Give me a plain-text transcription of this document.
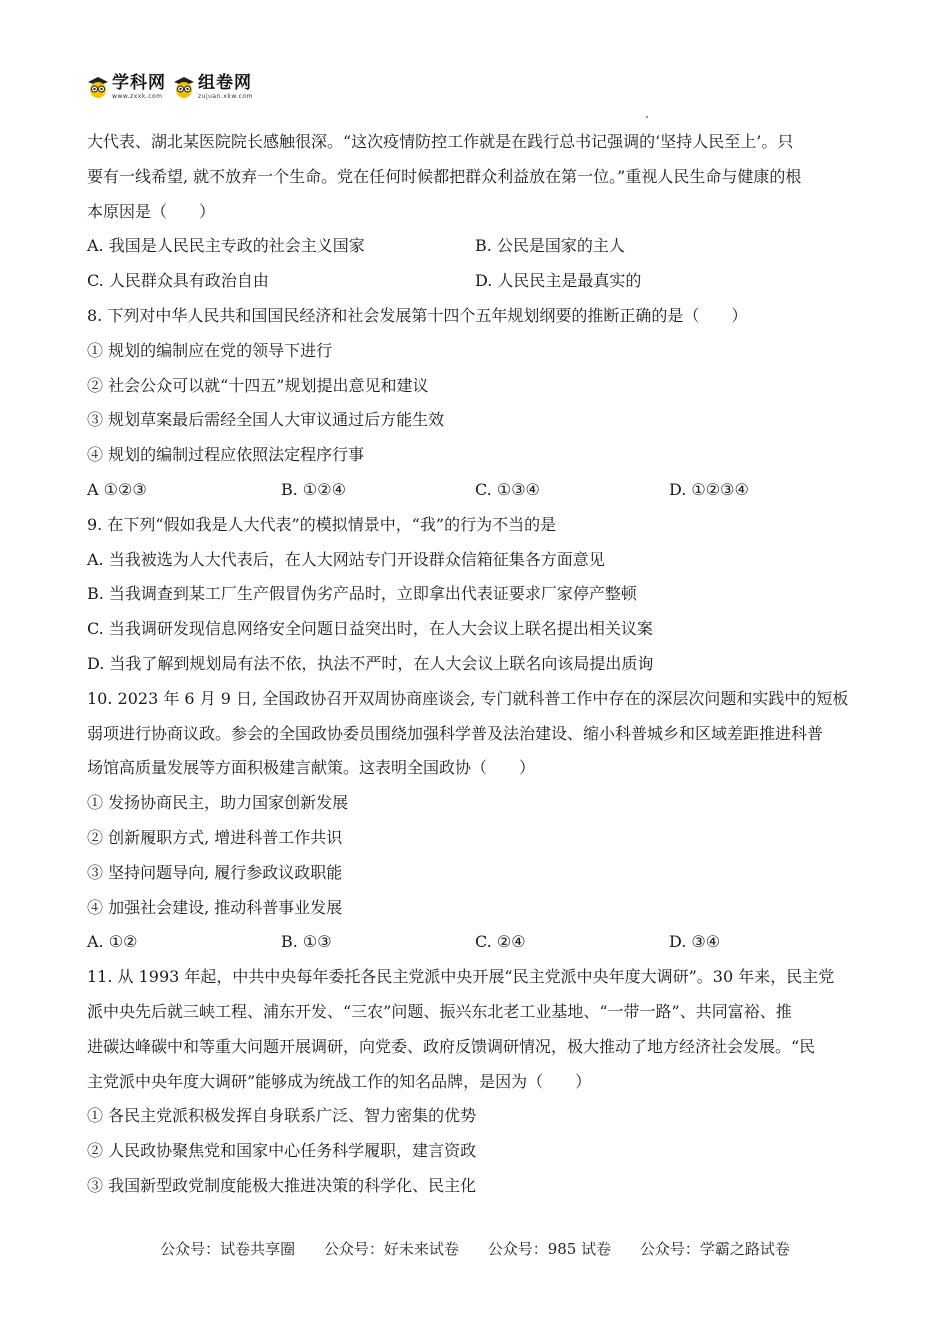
学科网
www.zxxk.com
组卷网
zujuan.xkw.com
大代表、湖北某医院院长感触很深。“这次疫情防控工作就是在践行总书记强调的‘坚持人民至上’。只
要有一线希望, 就不放弃一个生命。党在任何时候都把群众利益放在第一位。”重视人民生命与健康的根
本原因是（　　）
A. 我国是人民民主专政的社会主义国家	B. 公民是国家的主人
C. 人民群众具有政治自由	D. 人民民主是最真实的
8. 下列对中华人民共和国国民经济和社会发展第十四个五年规划纲要的推断正确的是（　　）
① 规划的编制应在党的领导下进行
② 社会公众可以就“十四五”规划提出意见和建议
③ 规划草案最后需经全国人大审议通过后方能生效
④ 规划的编制过程应依照法定程序行事
A ①②③	B. ①②④	C. ①③④	D. ①②③④
9. 在下列“假如我是人大代表”的模拟情景中，“我”的行为不当的是
A. 当我被选为人大代表后，在人大网站专门开设群众信箱征集各方面意见
B. 当我调查到某工厂生产假冒伪劣产品时，立即拿出代表证要求厂家停产整顿
C. 当我调研发现信息网络安全问题日益突出时，在人大会议上联名提出相关议案
D. 当我了解到规划局有法不依，执法不严时，在人大会议上联名向该局提出质询
10. 2023 年 6 月 9 日, 全国政协召开双周协商座谈会, 专门就科普工作中存在的深层次问题和实践中的短板
弱项进行协商议政。参会的全国政协委员围绕加强科学普及法治建设、缩小科普城乡和区域差距推进科普
场馆高质量发展等方面积极建言献策。这表明全国政协（　　）
① 发扬协商民主，助力国家创新发展
② 创新履职方式, 增进科普工作共识
③ 坚持问题导向, 履行参政议政职能
④ 加强社会建设, 推动科普事业发展
A. ①②	B. ①③	C. ②④	D. ③④
11. 从 1993 年起，中共中央每年委托各民主党派中央开展“民主党派中央年度大调研”。30 年来，民主党
派中央先后就三峡工程、浦东开发、“三农”问题、振兴东北老工业基地、“一带一路”、共同富裕、推
进碳达峰碳中和等重大问题开展调研，向党委、政府反馈调研情况，极大推动了地方经济社会发展。“民
主党派中央年度大调研”能够成为统战工作的知名品牌，是因为（　　）
① 各民主党派积极发挥自身联系广泛、智力密集的优势
② 人民政协聚焦党和国家中心任务科学履职，建言资政
③ 我国新型政党制度能极大推进决策的科学化、民主化
公众号：试卷共享圈 公众号：好未来试卷 公众号：985 试卷 公众号：学霸之路试卷
